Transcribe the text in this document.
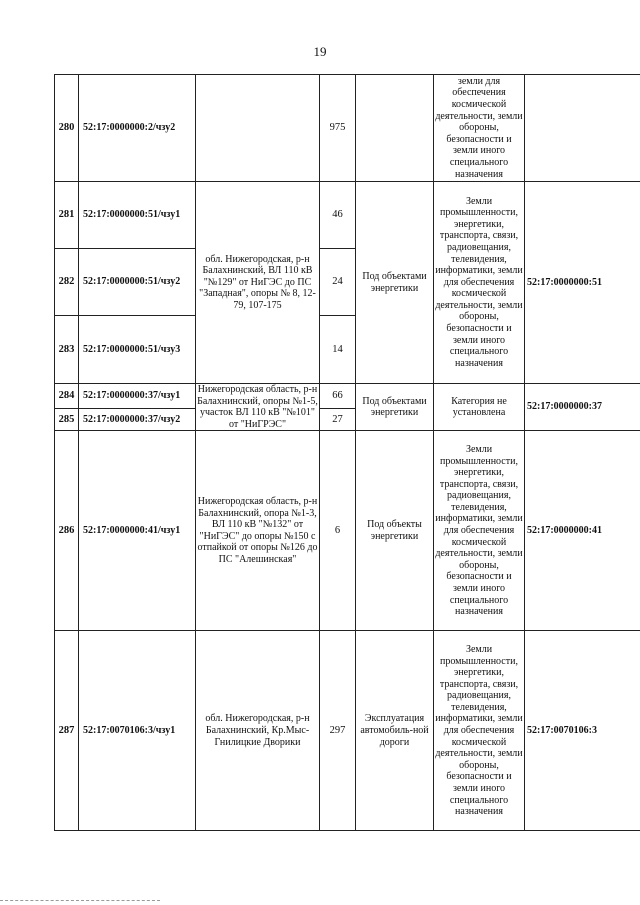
19
280	52:17:0000000:2/чзу2		975		земли для обеспечения космической деятельности, земли обороны, безопасности и земли иного специального назначения	
281	52:17:0000000:51/чзу1	обл. Нижегородская, р-н Балахнинский, ВЛ 110 кВ "№129" от НиГЭС до ПС "Западная", опоры № 8, 12-79, 107-175	46	Под объектами энергетики	Земли промышленности, энергетики, транспорта, связи, радиовещания, телевидения, информатики, земли для обеспечения космической деятельности, земли обороны, безопасности и земли иного специального назначения	52:17:0000000:51
282	52:17:0000000:51/чзу2		24			
283	52:17:0000000:51/чзу3		14			
284	52:17:0000000:37/чзу1	Нижегородская область, р-н Балахнинский, опоры №1-5, участок ВЛ 110 кВ "№101" от "НиГРЭС"	66	Под объектами энергетики	Категория не установлена	52:17:0000000:37
285	52:17:0000000:37/чзу2		27			
286	52:17:0000000:41/чзу1	Нижегородская область, р-н Балахнинский, опора №1-3, ВЛ 110 кВ "№132" от "НиГЭС" до опоры №150 с отпайкой от опоры №126 до ПС "Алешинская"	6	Под объекты энергетики	Земли промышленности, энергетики, транспорта, связи, радиовещания, телевидения, информатики, земли для обеспечения космической деятельности, земли обороны, безопасности и земли иного специального назначения	52:17:0000000:41
287	52:17:0070106:3/чзу1	обл. Нижегородская, р-н Балахнинский, Кр.Мыс-Гнилицкие Дворики	297	Эксплуатация автомобиль-ной дороги	Земли промышленности, энергетики, транспорта, связи, радиовещания, телевидения, информатики, земли для обеспечения космической деятельности, земли обороны, безопасности и земли иного специального назначения	52:17:0070106:3
